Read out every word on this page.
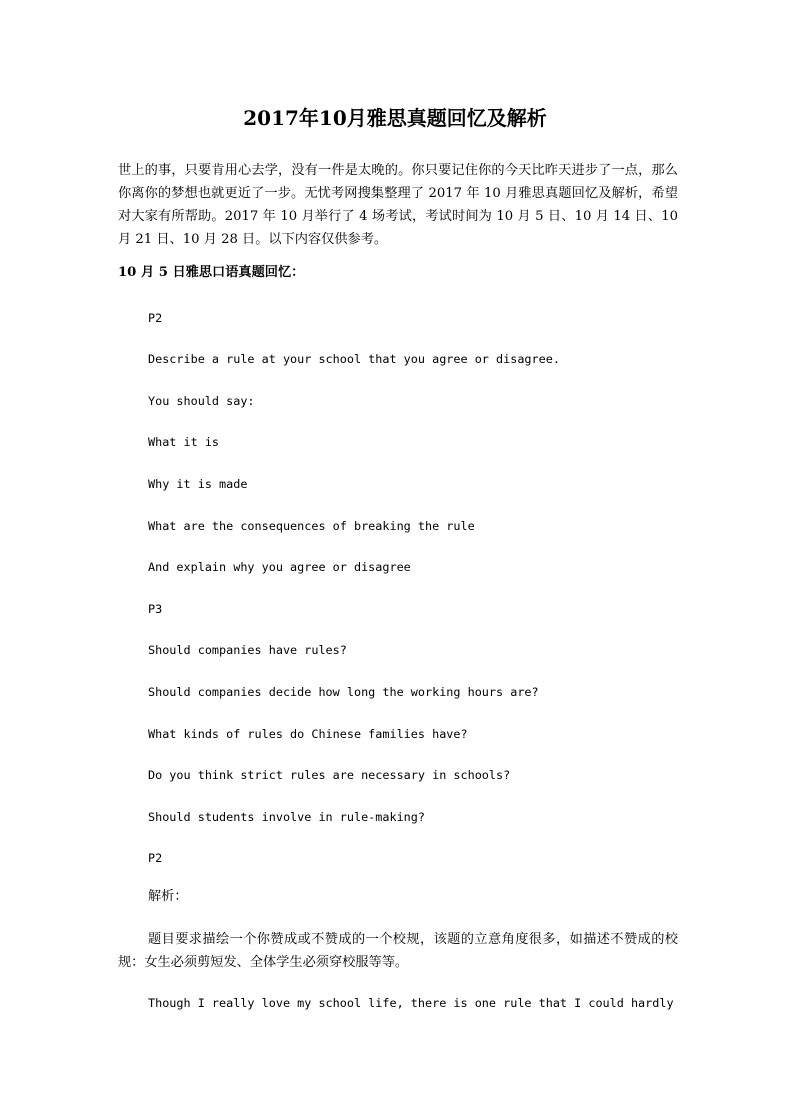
2017年10月雅思真题回忆及解析

世上的事，只要肯用心去学，没有一件是太晚的。你只要记住你的今天比昨天进步了一点，那么你离你的梦想也就更近了一步。无忧考网搜集整理了 2017 年 10 月雅思真题回忆及解析，希望对大家有所帮助。2017 年 10 月举行了 4 场考试，考试时间为 10 月 5 日、10 月 14 日、10 月 21 日、10 月 28 日。以下内容仅供参考。

10 月 5 日雅思口语真题回忆：

P2

Describe a rule at your school that you agree or disagree.

You should say:

What it is

Why it is made

What are the consequences of breaking the rule

And explain why you agree or disagree

P3

Should companies have rules?

Should companies decide how long the working hours are?

What kinds of rules do Chinese families have?

Do you think strict rules are necessary in schools?

Should students involve in rule-making?

P2

解析：

题目要求描绘一个你赞成或不赞成的一个校规，该题的立意角度很多，如描述不赞成的校规：女生必须剪短发、全体学生必须穿校服等等。

Though I really love my school life, there is one rule that I could hardly
